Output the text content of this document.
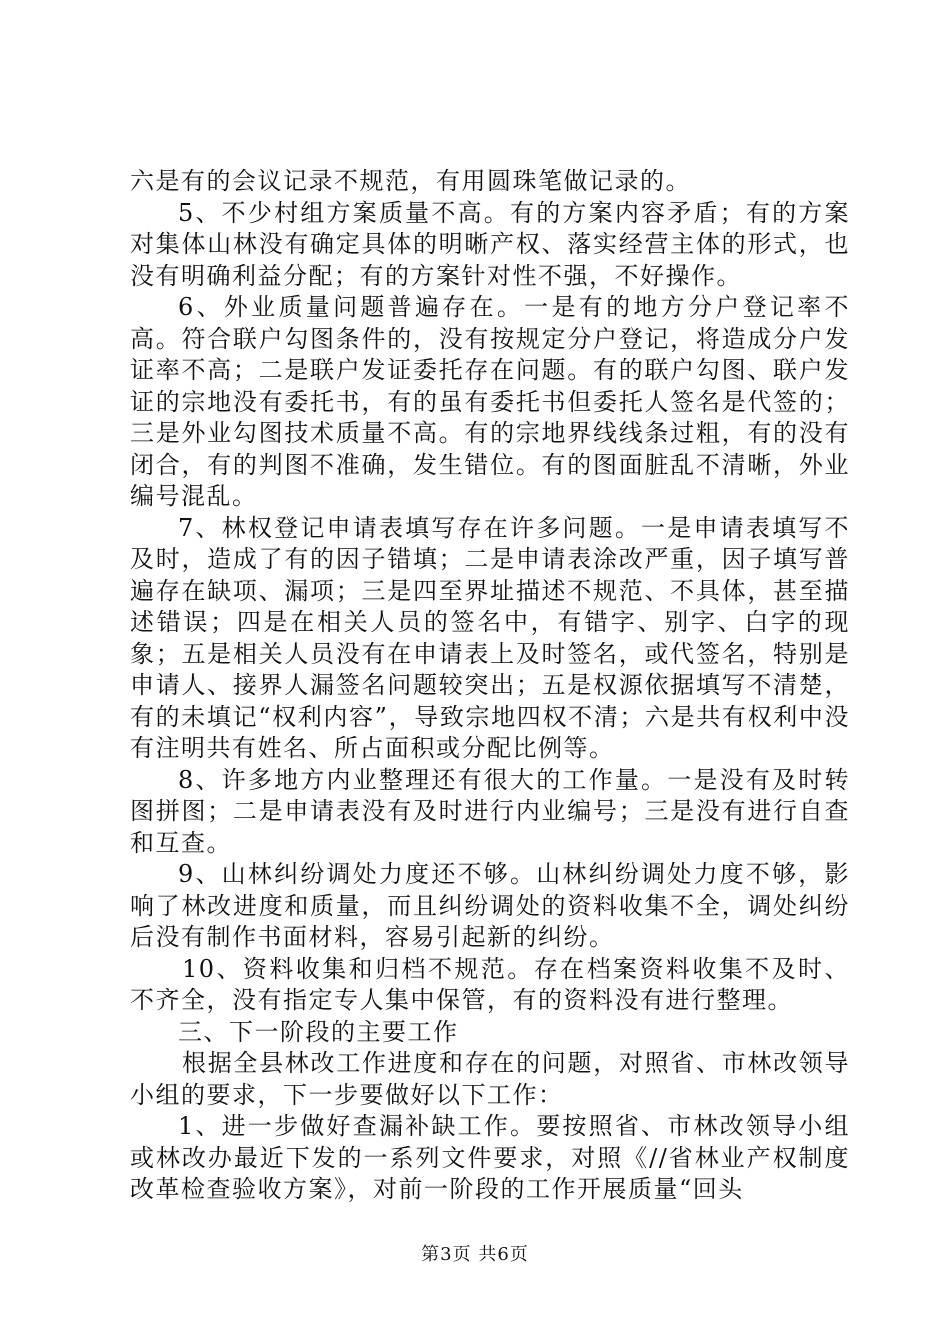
六是有的会议记录不规范，有用圆珠笔做记录的。

5、不少村组方案质量不高。有的方案内容矛盾；有的方案对集体山林没有确定具体的明晰产权、落实经营主体的形式，也没有明确利益分配；有的方案针对性不强，不好操作。

6、外业质量问题普遍存在。一是有的地方分户登记率不高。符合联户勾图条件的，没有按规定分户登记，将造成分户发证率不高；二是联户发证委托存在问题。有的联户勾图、联户发证的宗地没有委托书，有的虽有委托书但委托人签名是代签的；三是外业勾图技术质量不高。有的宗地界线线条过粗，有的没有闭合，有的判图不准确，发生错位。有的图面脏乱不清晰，外业编号混乱。

7、林权登记申请表填写存在许多问题。一是申请表填写不及时，造成了有的因子错填；二是申请表涂改严重，因子填写普遍存在缺项、漏项；三是四至界址描述不规范、不具体，甚至描述错误；四是在相关人员的签名中，有错字、别字、白字的现象；五是相关人员没有在申请表上及时签名，或代签名，特别是申请人、接界人漏签名问题较突出；五是权源依据填写不清楚，有的未填记“权利内容”，导致宗地四权不清；六是共有权利中没有注明共有姓名、所占面积或分配比例等。

8、许多地方内业整理还有很大的工作量。一是没有及时转图拼图；二是申请表没有及时进行内业编号；三是没有进行自查和互查。

9、山林纠纷调处力度还不够。山林纠纷调处力度不够，影响了林改进度和质量，而且纠纷调处的资料收集不全，调处纠纷后没有制作书面材料，容易引起新的纠纷。

10、资料收集和归档不规范。存在档案资料收集不及时、不齐全，没有指定专人集中保管，有的资料没有进行整理。

三、下一阶段的主要工作

根据全县林改工作进度和存在的问题，对照省、市林改领导小组的要求，下一步要做好以下工作：

1、进一步做好查漏补缺工作。要按照省、市林改领导小组或林改办最近下发的一系列文件要求，对照《//省林业产权制度改革检查验收方案》，对前一阶段的工作开展质量“回头

第3页 共6页
